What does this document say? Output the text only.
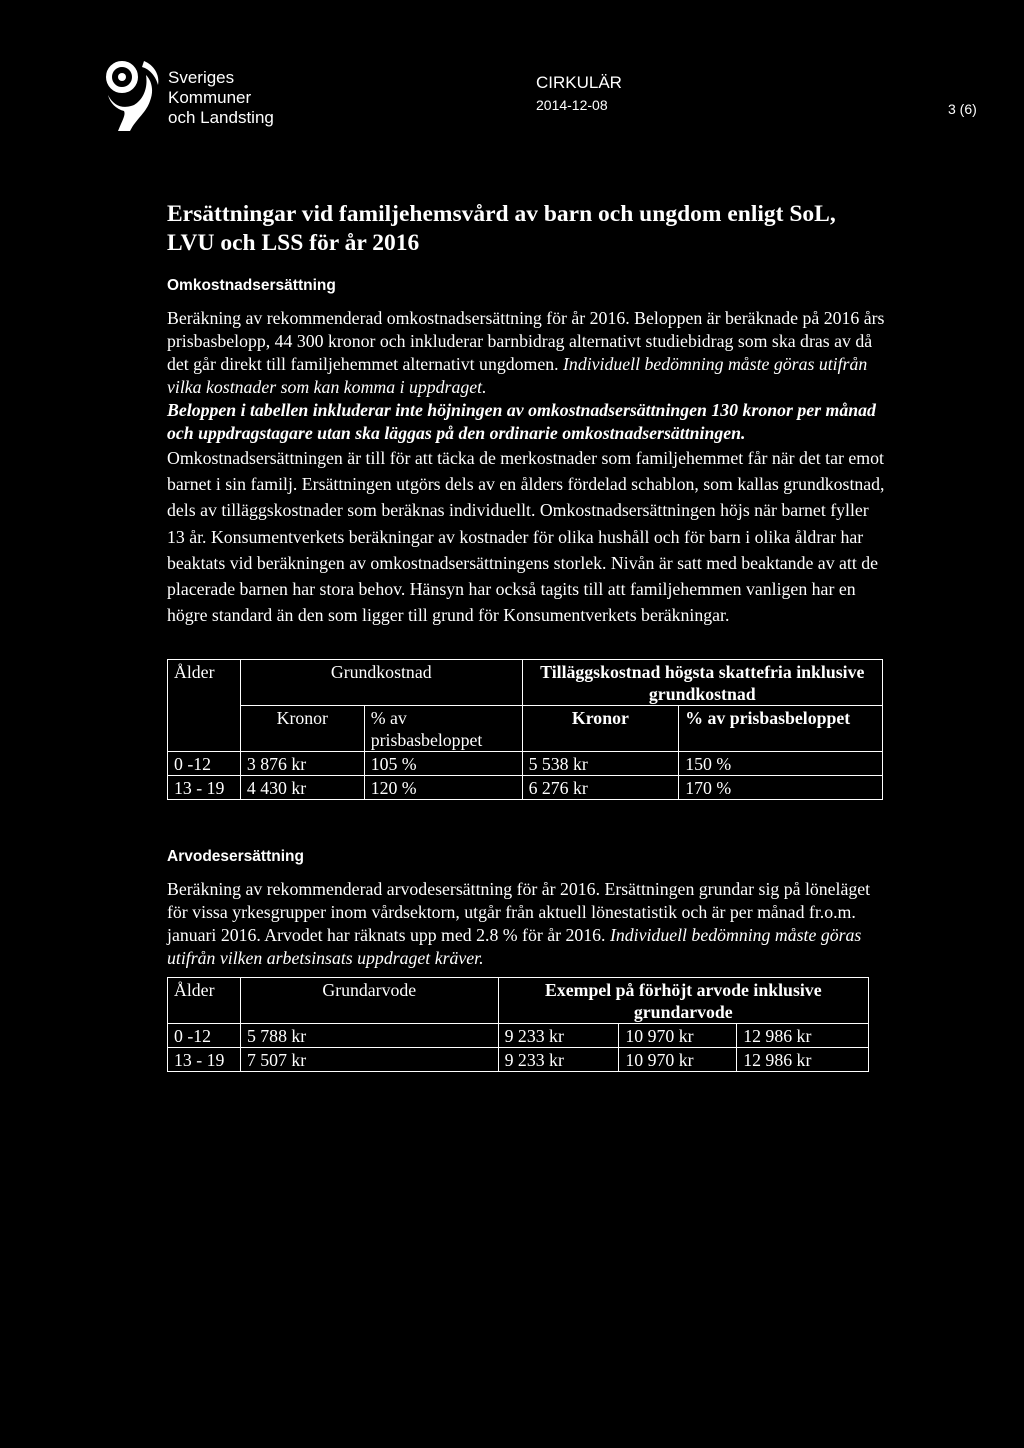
Sveriges
Kommuner
och Landsting
CIRKULÄR
2014-12-08	3 (6)
Ersättningar vid familjehemsvård av barn och ungdom enligt SoL,
LVU och LSS för år 2016
Omkostnadsersättning

Beräkning av rekommenderad omkostnadsersättning för år 2016. Beloppen är beräknade på 2016 års prisbasbelopp, 44 300 kronor och inkluderar barnbidrag alternativt studiebidrag som ska dras av då det går direkt till familjehemmet alternativt ungdomen. Individuell bedömning måste göras utifrån vilka kostnader som kan komma i uppdraget.

Beloppen i tabellen inkluderar inte höjningen av omkostnadsersättningen 130 kronor per månad och uppdragstagare utan ska läggas på den ordinarie omkostnadsersättningen.

Omkostnadsersättningen är till för att täcka de merkostnader som familjehemmet får när det tar emot barnet i sin familj. Ersättningen utgörs dels av en ålders fördelad schablon, som kallas grundkostnad, dels av tilläggskostnader som beräknas individuellt. Omkostnadsersättningen höjs när barnet fyller 13 år. Konsumentverkets beräkningar av kostnader för olika hushåll och för barn i olika åldrar har beaktats vid beräkningen av omkostnadsersättningens storlek. Nivån är satt med beaktande av att de placerade barnen har stora behov. Hänsyn har också tagits till att familjehemmen vanligen har en högre standard än den som ligger till grund för Konsumentverkets beräkningar.

Ålder	Grundkostnad		Tilläggskostnad högsta skattefria inklusive grundkostnad	
	Kronor	% av prisbasbeloppet	Kronor	% av prisbasbeloppet
0 -12	3 876 kr	105 %	5 538 kr	150 %
13 - 19	4 430 kr	120 %	6 276 kr	170 %
Arvodesersättning

Beräkning av rekommenderad arvodesersättning för år 2016. Ersättningen grundar sig på löneläget för vissa yrkesgrupper inom vårdsektorn, utgår från aktuell lönestatistik och är per månad fr.o.m. januari 2016. Arvodet har räknats upp med 2.8 % för år 2016. Individuell bedömning måste göras utifrån vilken arbetsinsats uppdraget kräver.

Ålder	Grundarvode	Exempel på förhöjt arvode inklusive grundarvode		
0 -12	5 788 kr	9 233 kr	10 970 kr	12 986 kr
13 - 19	7 507 kr	9 233 kr	10 970 kr	12 986 kr
